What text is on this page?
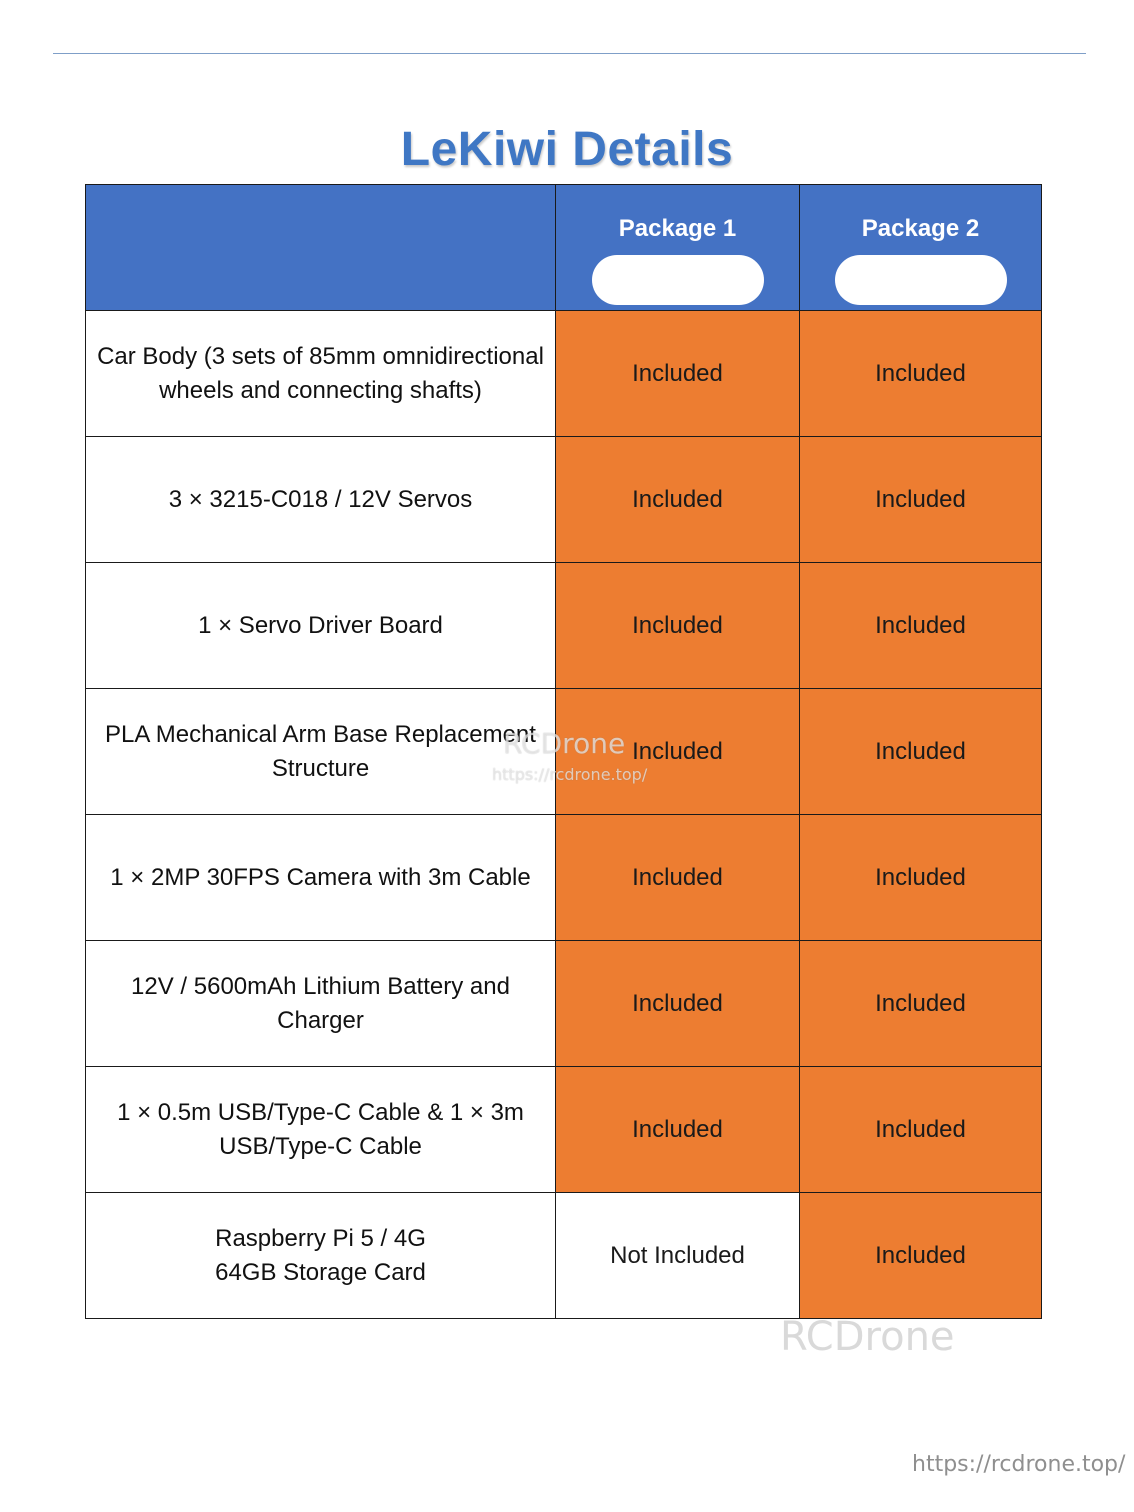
LeKiwi Details

	Package 1	Package 2

Car Body (3 sets of 85mm omnidirectional wheels and connecting shafts)	Included	Included
3 × 3215-C018 / 12V Servos	Included	Included
1 × Servo Driver Board	Included	Included
PLA Mechanical Arm Base Replacement Structure	Included	Included
1 × 2MP 30FPS Camera with 3m Cable	Included	Included
12V / 5600mAh Lithium Battery and Charger	Included	Included
1 × 0.5m USB/Type-C Cable & 1 × 3m USB/Type-C Cable	Included	Included
Raspberry Pi 5 / 4G
64GB Storage Card	Not Included	Included
RCDrone
https://rcdrone.top/
RCDrone
https://rcdrone.top/
